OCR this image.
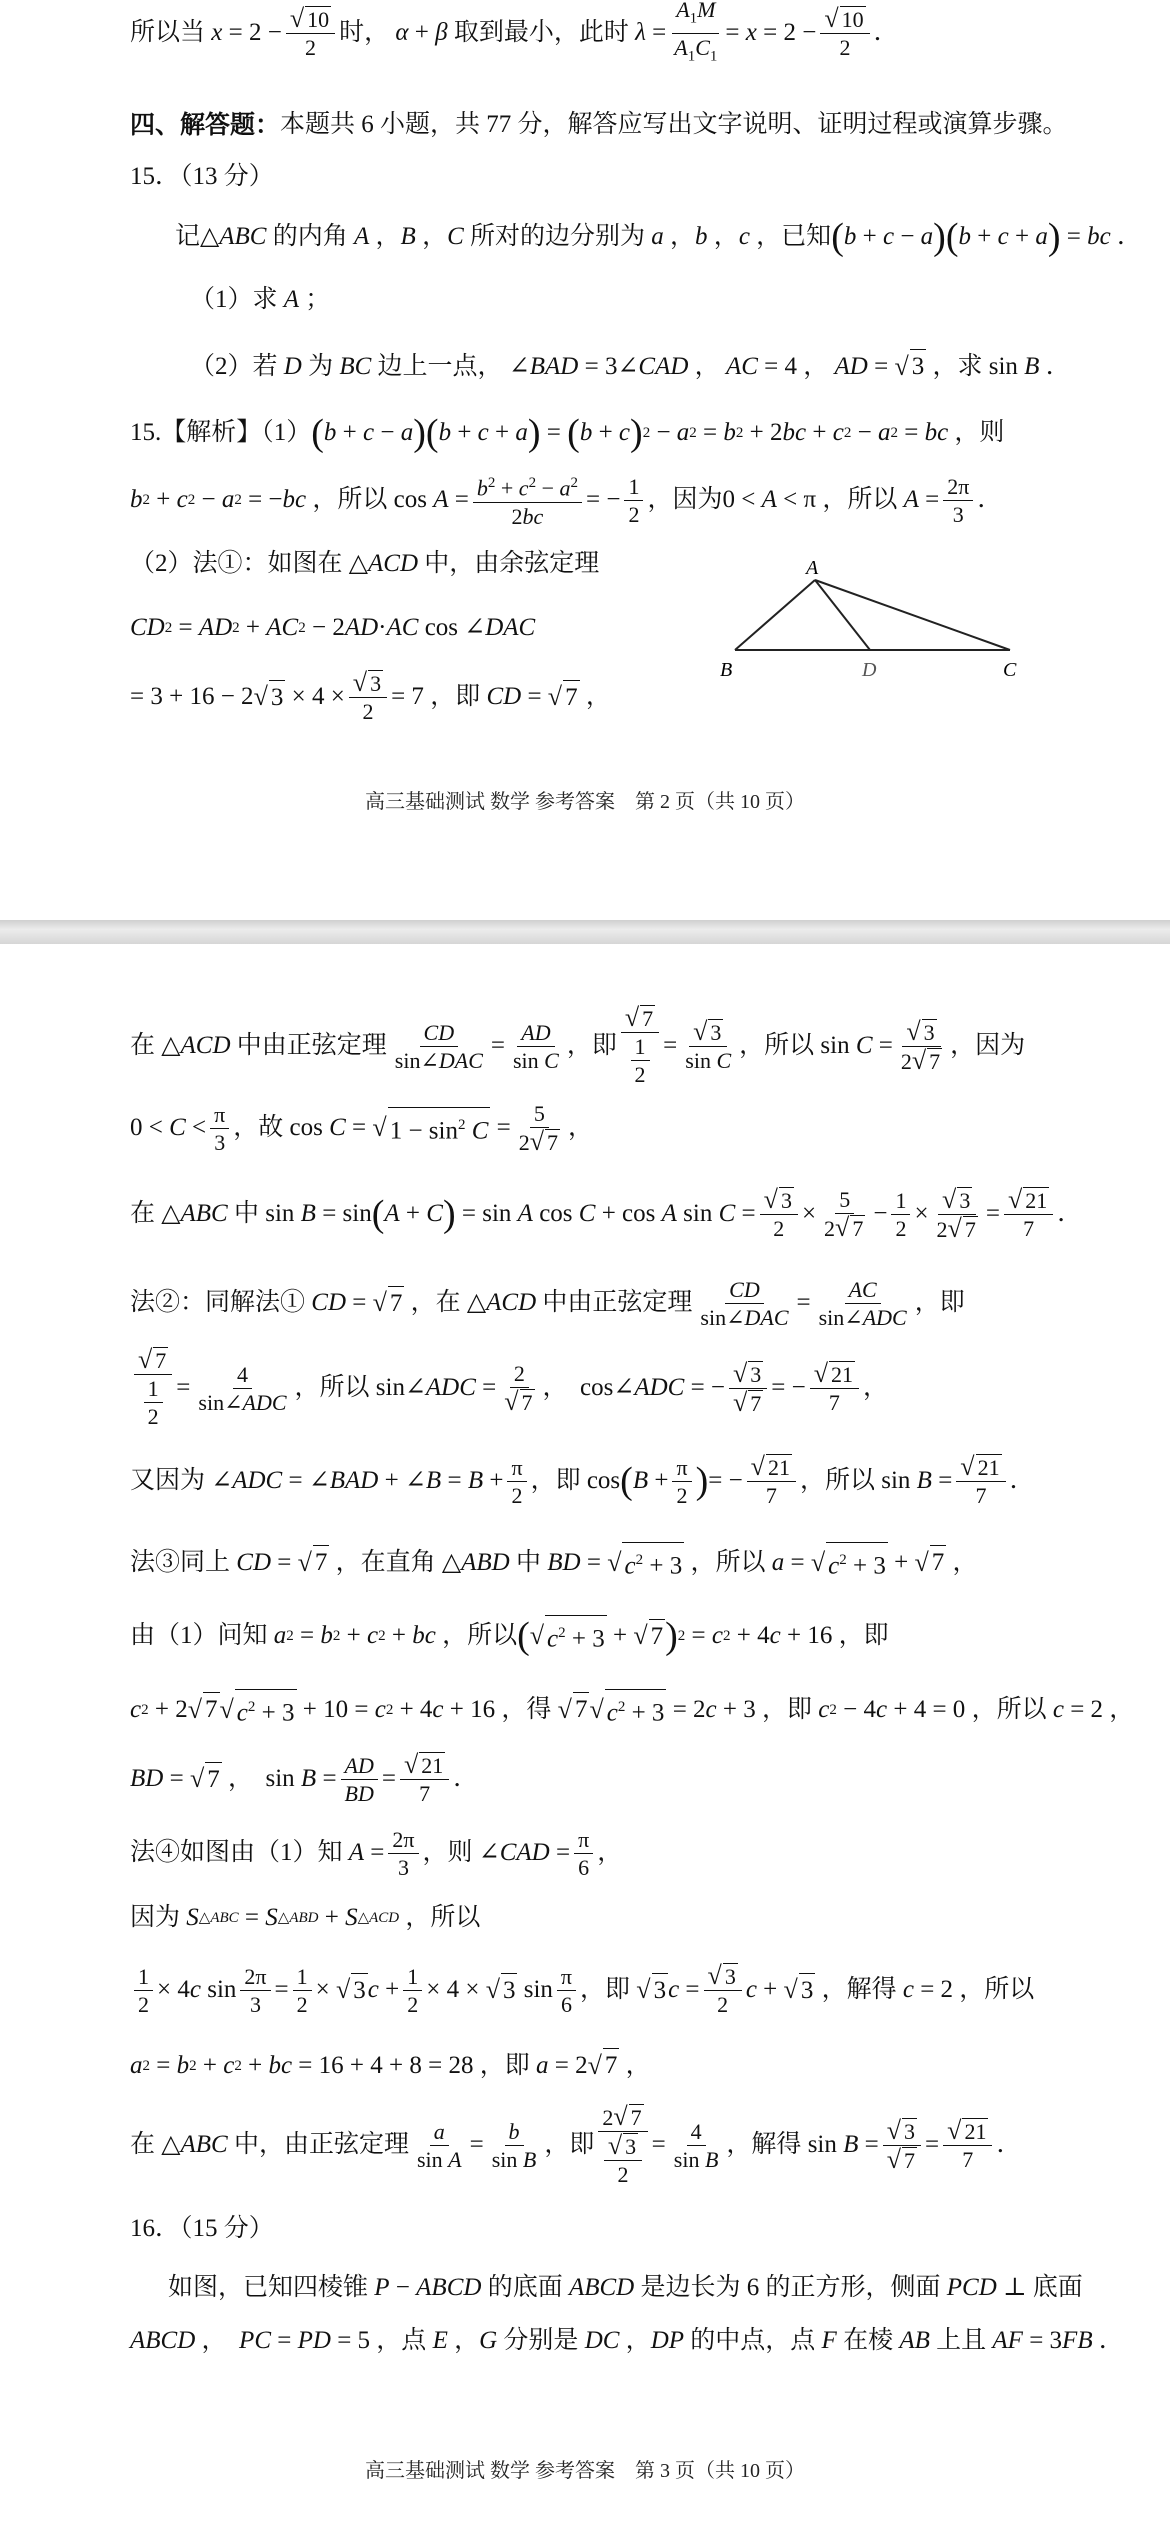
所以当
x = 2 − √ 10
2
时，
α + β
取到最小，此时
λ =
$A_1M$
$A_1C_1$
= x = 2 − √ 10
2
．
四、解答题： 本题共 6 小题，共 77 分，解答应写出文字说明、证明过程或演算步骤。
15．（13 分）
记 △ ABC
的内角
A ， B ， C
所对的边分别为
a ， b ， c
，已知 ( b + c − a )( b + c + a ) = bc ．
（1）求
A ；
（2）若
D
为
BC
边上一点， ∠ BAD = 3∠ CAD ， AC = 4 ， AD = √ 3
，求 sin B ．
15.【解析】（1） ( b + c − a )( b + c + a ) = ( b + c ) 2 − a 2 = b 2 + 2 bc + c 2 − a 2 = bc
，则
b 2 + c 2 − a 2 = − bc
，所以 $\cos A = b^2 + c^2 - a^2$
2bc
= − 1
2
，因为 0 < A < π ，所以
A = 2π
3
．
（2）法①：如图在 △ ACD
中，由余弦定理
CD 2 = AD 2 + AC 2 − 2 AD · AC cos ∠ DAC
= 3 + 16 − 2 √ 3 × 4 × √ 3
2
= 7 ，即
CD = √ 7 ，
A
B	D	C
高三基础测试 数学 参考答案　第 2 页（共 10 页）
在 △ ACD
中由正弦定理 CD
sin∠DAC
= AD
sin C
，即
√ 7
1
2
= √ 3
sin C
，所以 sin C = √ 3
2√ 7
，因为
0 < C < π
3
，故 cos C = √ $1 - \sin^2 C$ =
5
2√ 7
，
在 △ ABC
中 sin B = sin ( A + C ) = sin A cos C + cos A sin C = √ 3
2
×
5
2√ 7
− 1
2
× √ 3
2√ 7
= √ 21
7
．
法②：同解法①
CD = √ 7
，在 △ ACD
中由正弦定理 CD
sin∠DAC
= AC
sin∠ADC
，即
√ 7
1
2
= 4
sin∠ADC
，所以 sin∠ ADC =
2
√ 7
，  cos∠ ADC = − √ 3
√ 7
= − √ 21
7
，
又因为 ∠ ADC = ∠ BAD + ∠ B = B + π
2
，即 cos ( B + π
2 ) = − √ 21
7
，所以 sin B = √ 21
7
．
法③同上
CD = √ 7
，在直角 △ ABD
中
BD = √ $c^2 + 3$
，所以
a = √ $c^2 + 3$ + √ 7 ，
由（1）问知
a 2 = b 2 + c 2 + bc
，所以 ( √ $c^2 + 3$ + √ 7 ) 2 = c 2 + 4 c + 16 ，即
c 2 + 2 √ 7 √ $c^2 + 3 + 10 = c$ 2 + 4 c + 16 ，得
√ 7 √ $c^2 + 3 = 2$ c + 3 ，即
c 2 − 4 c + 4 = 0 ，所以
c = 2 ，
BD = √ 7 ，  sin B = AD
BD
= √ 21
7
．
法④如图由（1）知
A = 2π
3
，则 ∠ CAD = π
6
，
因为
S △ABC = S △ABD + S △ACD
，所以
1
2
× 4 c sin 2π
3
= 1
2
× √ 3 c + 1
2
× 4 × √ 3 sin π
6
，即
√ 3 c = √ 3
2
c + √ 3
，解得
c = 2 ，所以
a 2 = b 2 + c 2 + bc = 16 + 4 + 8 = 28 ，即
a = 2 √ 7 ，
在 △ ABC
中，由正弦定理 a
sin A
= b
sin B
，即
2√ 7
√ 3
2
= 4
sin B
，解得 sin B = √ 3
√ 7
= √ 21
7
．
16．（15 分）
如图，已知四棱锥
P − ABCD
的底面
ABCD
是边长为 6 的正方形，侧面
PCD ⊥ 底面
ABCD ， PC = PD = 5 ，点
E ， G
分别是
DC ， DP
的中点，点
F
在棱
AB
上且
AF = 3 FB ．
高三基础测试 数学 参考答案　第 3 页（共 10 页）
